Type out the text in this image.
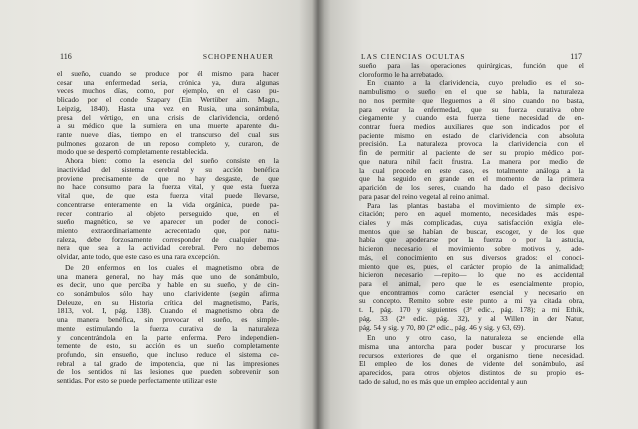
116	SCHOPENHAUER
el sueño, cuando se produce por él mismo para hacer
cesar una enfermedad seria, crónica ya, dura algunas
veces muchos días, como, por ejemplo, en el caso pu-
blicado por el conde Szapary (Ein Wertüber aim. Magn.,
Leipzig, 1840). Hasta una vez en Rusia, una sonámbula,
presa del vértigo, en una crisis de clarividencia, ordenó
a su médico que la sumiera en una muerte aparente du-
rante nueve días, tiempo en el transcurso del cual sus
pulmones gozaron de un reposo completo y, curaron, de
modo que se despertó completamente restablecida.
Ahora bien: como la esencia del sueño consiste en la
inactividad del sistema cerebral y su acción benéfica
proviene precisamente de que no hay desgaste, de que
no hace consumo para la fuerza vital, y que esta fuerza
vital que, de que esta fuerza vital puede llevarse,
concentrarse enteramente en la vida orgánica, puede pa-
recer contrario al objeto perseguido que, en el
sueño magnético, se ve aparecer un poder de conoci-
miento extraordinariamente acrecentado que, por natu-
raleza, debe forzosamente corresponder de cualquier ma-
nera que sea a la actividad cerebral. Pero no debemos
olvidar, ante todo, que este caso es una rara excepción.
De 20 enfermos en los cuales el magnetismo obra de
una manera general, no hay más que uno de sonámbulo,
es decir, uno que perciba y hable en su sueño, y de cin-
co sonámbulos sólo hay uno clarividente (según afirma
Deleuze, en su Historia crítica del magnetismo, París,
1813, vol. I, pág. 138). Cuando el magnetismo obra de
una manera benéfica, sin provocar el sueño, es simple-
mente estimulando la fuerza curativa de la naturaleza
y concentrándola en la parte enferma. Pero independien-
temente de esto, su acción es un sueño completamente
profundo, sin ensueño, que incluso reduce el sistema ce-
rebral a tal grado de impotencia, que ni las impresiones
de los sentidos ni las lesiones que pueden sobrevenir son
sentidas. Por esto se puede perfectamente utilizar este
LAS CIENCIAS OCULTAS	117
sueño para las operaciones quirúrgicas, función que el
cloroformo le ha arrebatado.
En cuanto a la clarividencia, cuyo preludio es el so-
nambulismo o sueño en el que se habla, la naturaleza
no nos permite que lleguemos a él sino cuando no basta,
para evitar la enfermedad, que su fuerza curativa obre
ciegamente y cuando esta fuerza tiene necesidad de en-
contrar fuera medios auxiliares que son indicados por el
paciente mismo en estado de clarividencia con absoluta
precisión. La naturaleza provoca la clarividencia con el
fin de permitir al paciente de ser su propio médico por-
que natura nihil facit frustra. La manera por medio de
la cual procede en este caso, es totalmente análoga a la
que ha seguido en grande en el momento de la primera
aparición de los seres, cuando ha dado el paso decisivo
para pasar del reino vegetal al reino animal.
Para las plantas bastaba el movimiento de simple ex-
citación; pero en aquel momento, necesidades más espe-
ciales y más complicadas, cuya satisfacción exigía ele-
mentos que se habían de buscar, escoger, y de los que
había que apoderarse por la fuerza o por la astucia,
hicieron necesario el movimiento sobre motivos y, ade-
más, el conocimiento en sus diversos grados: el conoci-
miento que es, pues, el carácter propio de la animalidad;
hicieron necesario —repito— lo que no es accidental
para el animal, pero que le es esencialmente propio,
que encontramos como carácter esencial y necesario en
su concepto. Remito sobre este punto a mi ya citada obra,
t. I, pág. 170 y siguientes (3ª edic., pág. 178); a mi Ethik,
pág. 33 (2ª edic. pág. 32), y al Willen in der Natur,
pág. 54 y sig. y 70, 80 (2ª edic., pág. 46 y sig. y 63, 69).
En uno y otro caso, la naturaleza se enciende ella
misma una antorcha para poder buscar y procurarse los
recursos exteriores de que el organismo tiene necesidad.
El empleo de los dones de vidente del sonámbulo, así
aparecidos, para otros objetos distintos de su propio es-
tado de salud, no es más que un empleo accidental y aun
